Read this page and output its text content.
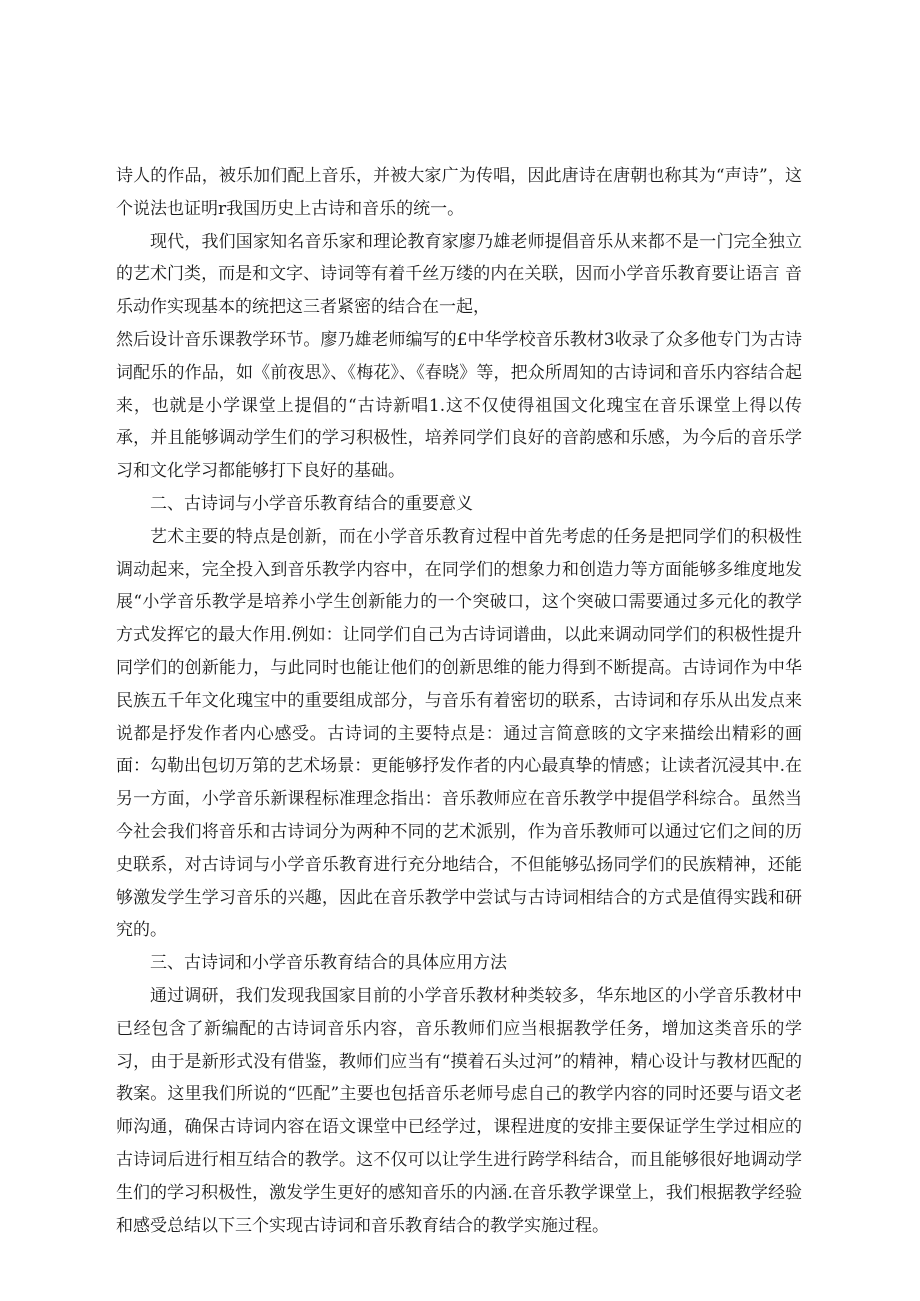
诗人的作品，被乐加们配上音乐，并被大家广为传唱，因此唐诗在唐朝也称其为“声诗”，这个说法也证明r我国历史上古诗和音乐的统一。

现代，我们国家知名音乐家和理论教育家廖乃雄老师提倡音乐从来都不是一门完全独立的艺术门类，而是和文字、诗词等有着千丝万缕的内在关联，因而小学音乐教育要让语言 音乐动作实现基本的统把这三者紧密的结合在一起，

然后设计音乐课教学环节。廖乃雄老师编写的£中华学校音乐教材3收录了众多他专门为古诗词配乐的作品，如《前夜思》、《梅花》、《春晓》等，把众所周知的古诗词和音乐内容结合起来，也就是小学课堂上提倡的“古诗新唱1.这不仅使得祖国文化瑰宝在音乐课堂上得以传承，并且能够调动学生们的学习积极性，培养同学们良好的音韵感和乐感，为今后的音乐学习和文化学习都能够打下良好的基础。

二、古诗词与小学音乐教育结合的重要意义

艺术主要的特点是创新，而在小学音乐教育过程中首先考虑的任务是把同学们的积极性调动起来，完全投入到音乐教学内容中，在同学们的想象力和创造力等方面能够多维度地发展“小学音乐教学是培养小学生创新能力的一个突破口，这个突破口需要通过多元化的教学方式发挥它的最大作用.例如：让同学们自己为古诗词谱曲，以此来调动同学们的积极性提升同学们的创新能力，与此同时也能让他们的创新思维的能力得到不断提高。古诗词作为中华民族五千年文化瑰宝中的重要组成部分，与音乐有着密切的联系，古诗词和存乐从出发点来说都是抒发作者内心感受。古诗词的主要特点是：通过言简意晐的文字来描绘出精彩的画面：勾勒出包切万第的艺术场景：更能够抒发作者的内心最真挚的情感；让读者沉浸其中.在另一方面，小学音乐新课程标准理念指出：音乐教师应在音乐教学中提倡学科综合。虽然当今社会我们将音乐和古诗词分为两种不同的艺术派别，作为音乐教师可以通过它们之间的历史联系，对古诗词与小学音乐教育进行充分地结合，不但能够弘扬同学们的民族精神，还能够激发学生学习音乐的兴趣，因此在音乐教学中尝试与古诗词相结合的方式是值得实践和研究的。

三、古诗词和小学音乐教育结合的具体应用方法

通过调研，我们发现我国家目前的小学音乐教材种类较多，华东地区的小学音乐教材中已经包含了新编配的古诗词音乐内容，音乐教师们应当根据教学任务，增加这类音乐的学习，由于是新形式没有借鉴，教师们应当有“摸着石头过河”的精神，精心设计与教材匹配的教案。这里我们所说的“匹配”主要也包括音乐老师号虑自己的教学内容的同时还要与语文老师沟通，确保古诗词内容在语文课堂中已经学过，课程进度的安排主要保证学生学过相应的古诗词后进行相互结合的教学。这不仅可以让学生进行跨学科结合，而且能够很好地调动学生们的学习积极性，激发学生更好的感知音乐的内涵.在音乐教学课堂上，我们根据教学经验和感受总结以下三个实现古诗词和音乐教育结合的教学实施过程。
